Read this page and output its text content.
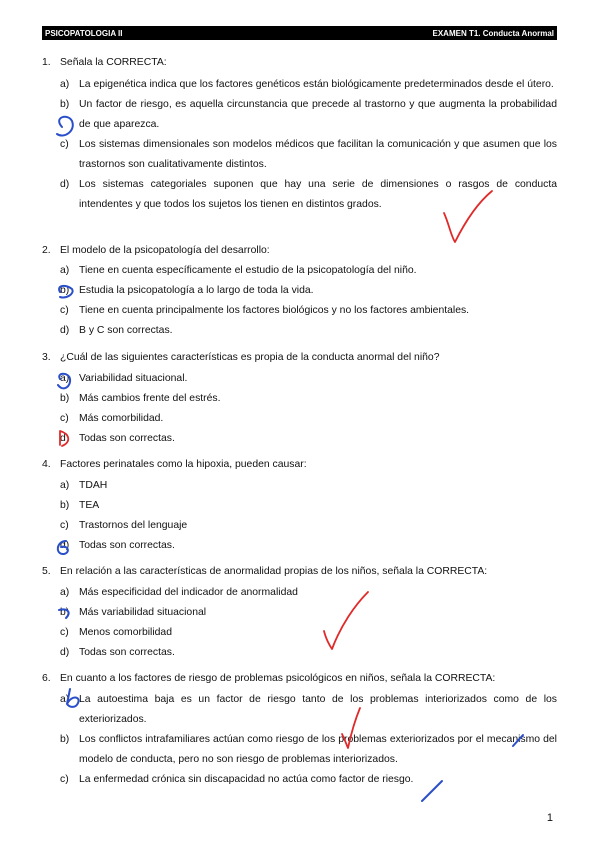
PSICOPATOLOGIA II	EXAMEN T1. Conducta Anormal
1. Señala la CORRECTA:
a) La epigenética indica que los factores genéticos están biológicamente predeterminados desde el útero.
b) Un factor de riesgo, es aquella circunstancia que precede al trastorno y que augmenta la probabilidad de que aparezca.
c) Los sistemas dimensionales son modelos médicos que facilitan la comunicación y que asumen que los trastornos son cualitativamente distintos.
d) Los sistemas categoriales suponen que hay una serie de dimensiones o rasgos de conducta intendentes y que todos los sujetos los tienen en distintos grados.
2. El modelo de la psicopatología del desarrollo:
a) Tiene en cuenta específicamente el estudio de la psicopatología del niño.
b) Estudia la psicopatología a lo largo de toda la vida.
c) Tiene en cuenta principalmente los factores biológicos y no los factores ambientales.
d) B y C son correctas.
3. ¿Cuál de las siguientes características es propia de la conducta anormal del niño?
a) Variabilidad situacional.
b) Más cambios frente del estrés.
c) Más comorbilidad.
d) Todas son correctas.
4. Factores perinatales como la hipoxia, pueden causar:
a) TDAH
b) TEA
c) Trastornos del lenguaje
d) Todas son correctas.
5. En relación a las características de anormalidad propias de los niños, señala la CORRECTA:
a) Más especificidad del indicador de anormalidad
b) Más variabilidad situacional
c) Menos comorbilidad
d) Todas son correctas.
6. En cuanto a los factores de riesgo de problemas psicológicos en niños, señala la CORRECTA:
a) La autoestima baja es un factor de riesgo tanto de los problemas interiorizados como de los exteriorizados.
b) Los conflictos intrafamiliares actúan como riesgo de los problemas exteriorizados por el mecanismo del modelo de conducta, pero no son riesgo de problemas interiorizados.
c) La enfermedad crónica sin discapacidad no actúa como factor de riesgo.
1
